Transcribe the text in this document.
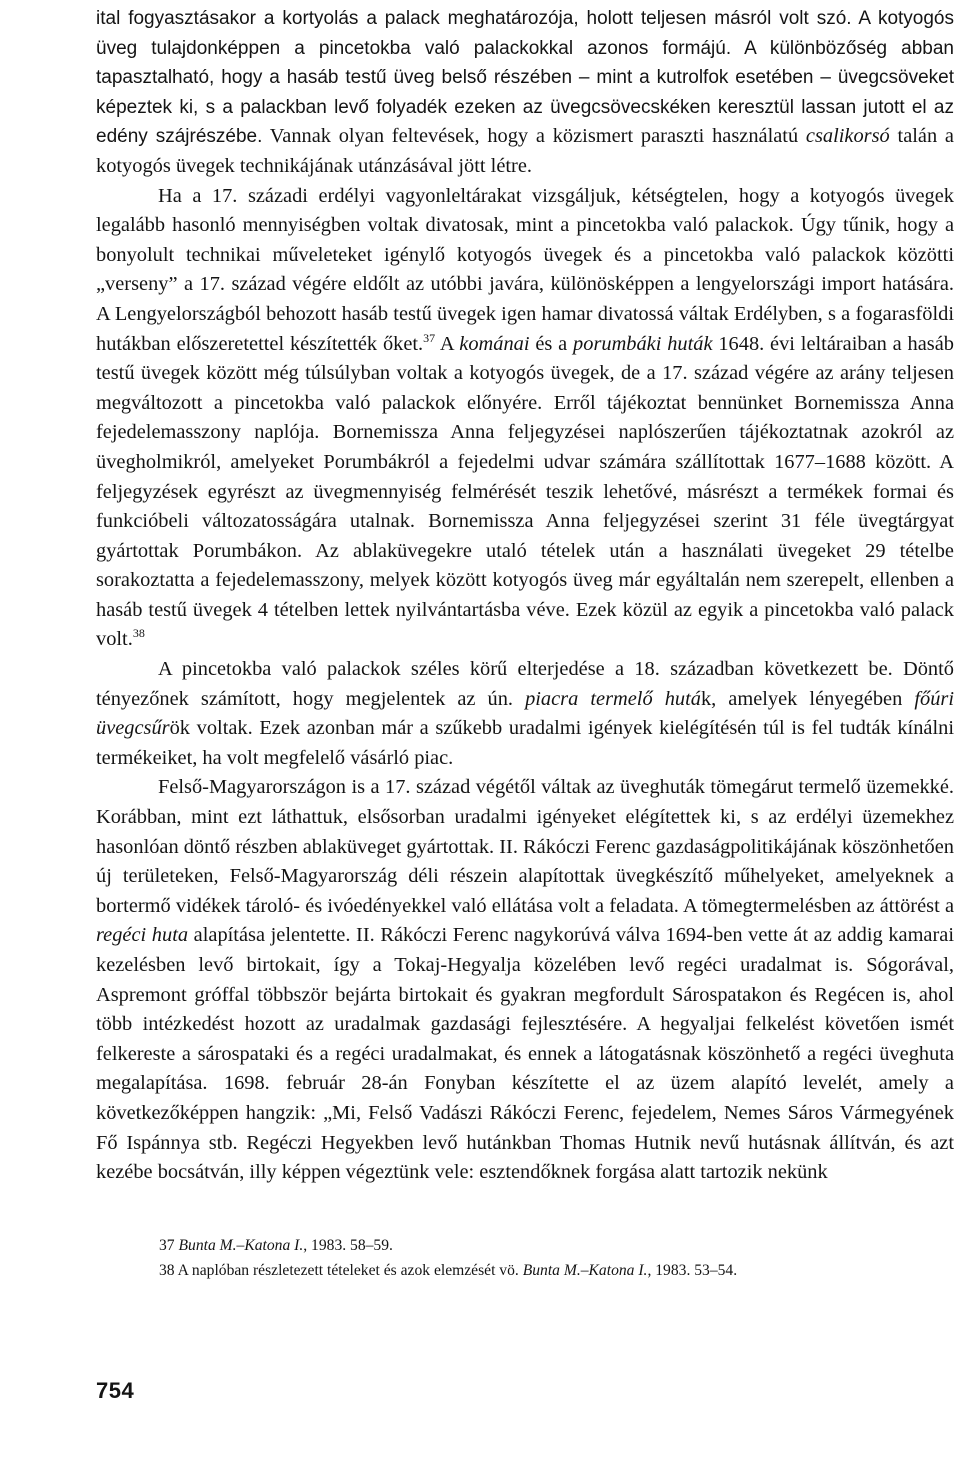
ital fogyasztásakor a kortyolás a palack meghatározója, holott teljesen másról volt szó. A kotyogós üveg tulajdonképpen a pincetokba való palackokkal azonos formájú. A különbözőség abban tapasztalható, hogy a hasáb testű üveg belső részében – mint a kutrolfok esetében – üvegcsöveket képeztek ki, s a palackban levő folyadék ezeken az üvegcsövecskéken keresztül lassan jutott el az edény szájrészébe. Vannak olyan feltevések, hogy a közismert paraszti használatú csalikorsó talán a kotyogós üvegek technikájának utánzásával jött létre.

Ha a 17. századi erdélyi vagyonleltárakat vizsgáljuk, kétségtelen, hogy a kotyogós üvegek legalább hasonló mennyiségben voltak divatosak, mint a pincetokba való palackok. Úgy tűnik, hogy a bonyolult technikai műveleteket igénylő kotyogós üvegek és a pincetokba való palackok közötti „verseny” a 17. század végére eldőlt az utóbbi javára, különösképpen a lengyelországi import hatására. A Lengyelországból behozott hasáb testű üvegek igen hamar divatossá váltak Erdélyben, s a fogarasföldi hutákban előszeretettel készítették őket.$^{37}$ A kománai és a porumbáki huták 1648. évi leltáraiban a hasáb testű üvegek között még túlsúlyban voltak a kotyogós üvegek, de a 17. század végére az arány teljesen megváltozott a pincetokba való palackok előnyére. Erről tájékoztat bennünket Bornemissza Anna fejedelemasszony naplója. Bornemissza Anna feljegyzései naplószerűen tájékoztatnak azokról az üvegholmikról, amelyeket Porumbákról a fejedelmi udvar számára szállítottak 1677–1688 között. A feljegyzések egyrészt az üvegmennyiség felmérését teszik lehetővé, másrészt a termékek formai és funkcióbeli változatosságára utalnak. Bornemissza Anna feljegyzései szerint 31 féle üvegtárgyat gyártottak Porumbákon. Az ablaküvegekre utaló tételek után a használati üvegeket 29 tételbe sorakoztatta a fejedelemasszony, melyek között kotyogós üveg már egyáltalán nem szerepelt, ellenben a hasáb testű üvegek 4 tételben lettek nyilvántartásba véve. Ezek közül az egyik a pincetokba való palack volt.$^{38}$

A pincetokba való palackok széles körű elterjedése a 18. században következett be. Döntő tényezőnek számított, hogy megjelentek az ún. piacra termelő huták, amelyek lényegében főúri üvegcsűrök voltak. Ezek azonban már a szűkebb uradalmi igények kielégítésén túl is fel tudták kínálni termékeiket, ha volt megfelelő vásárló piac.

Felső-Magyarországon is a 17. század végétől váltak az üveghuták tömegárut termelő üzemekké. Korábban, mint ezt láthattuk, elsősorban uradalmi igényeket elégítettek ki, s az erdélyi üzemekhez hasonlóan döntő részben ablaküveget gyártottak. II. Rákóczi Ferenc gazdaságpolitikájának köszönhetően új területeken, Felső-Magyarország déli részein alapítottak üvegkészítő műhelyeket, amelyeknek a bortermő vidékek tároló- és ivóedényekkel való ellátása volt a feladata. A tömegtermelésben az áttörést a regéci huta alapítása jelentette. II. Rákóczi Ferenc nagykorúvá válva 1694-ben vette át az addig kamarai kezelésben levő birtokait, így a Tokaj-Hegyalja közelében levő regéci uradalmat is. Sógorával, Aspremont gróffal többször bejárta birtokait és gyakran megfordult Sárospatakon és Regécen is, ahol több intézkedést hozott az uradalmak gazdasági fejlesztésére. A hegyaljai felkelést követően ismét felkereste a sárospataki és a regéci uradalmakat, és ennek a látogatásnak köszönhető a regéci üveghuta megalapítása. 1698. február 28-án Fonyban készítette el az üzem alapító levelét, amely a következőképpen hangzik: „Mi, Felső Vadászi Rákóczi Ferenc, fejedelem, Nemes Sáros Vármegyének Fő Ispánnya stb. Regéczi Hegyekben levő hutánkban Thomas Hutnik nevű hutásnak állítván, és azt kezébe bocsátván, illy képpen végeztünk vele: esztendőknek forgása alatt tartozik nekünk

37 Bunta M.–Katona I., 1983. 58–59.

38 A naplóban részletezett tételeket és azok elemzését vö. Bunta M.–Katona I., 1983. 53–54.

754
